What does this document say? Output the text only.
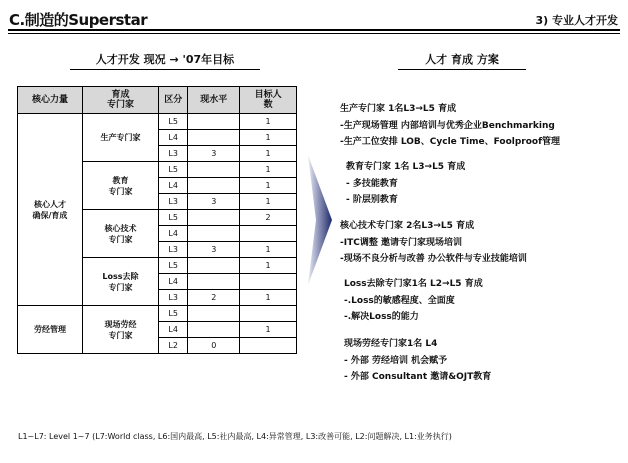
C.制造的Superstar	3) 专业人才开发
人才开发 现况 → '07年目标	人才 育成 方案
核心力量	育成
专门家	区分	现水平	目标人
数
核心人才
确保/育成	生产专门家	L5		1
		L4		1
		L3	3	1
	教育
专门家	L5		1
		L4		1
		L3	3	1
	核心技术
专门家	L5		2
		L4		
		L3	3	1
	Loss去除
专门家	L5		1
		L4		
		L3	2	1
劳经管理	现场劳经
专门家	L5		
		L4		1
		L2	0	
生产专门家 1名L3→L5 育成
-生产现场管理 内部培训与优秀企业Benchmarking
-生产工位安排 LOB、Cycle Time、Foolproof管理
教育专门家 1名 L3→L5 育成
- 多技能教育
- 阶层别教育
核心技术专门家 2名L3→L5 育成
-ITC调整 邀请专门家现场培训
-现场不良分析与改善 办公软件与专业技能培训
Loss去除专门家1名 L2→L5 育成
-.Loss的敏感程度、全面度
-.解决Loss的能力
现场劳经专门家1名 L4
- 外部 劳经培训 机会赋予
- 外部 Consultant 邀请&OJT教育
L1~L7: Level 1~7 (L7:World class, L6:国内最高, L5:社内最高, L4:异常管理, L3:改善可能, L2:问题解决, L1:业务执行)
